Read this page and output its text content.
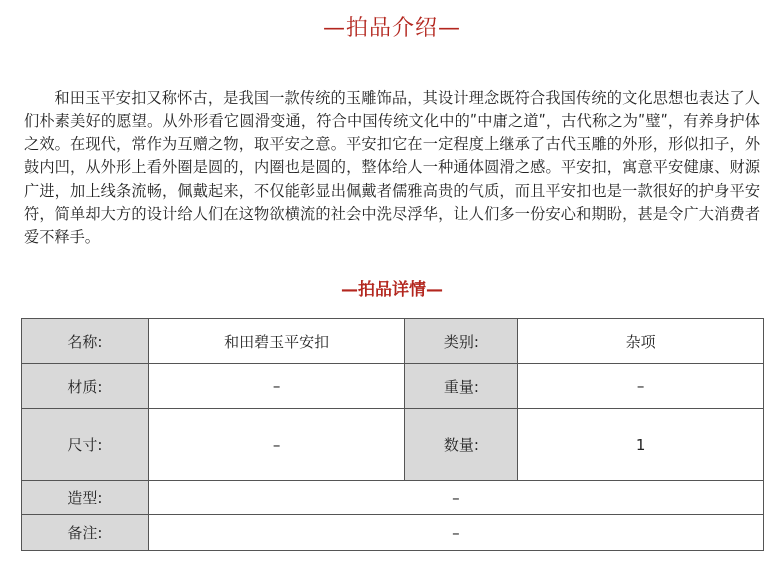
—拍品介绍—

和田玉平安扣又称怀古，是我国一款传统的玉雕饰品，其设计理念既符合我国传统的文化思想也表达了人们朴素美好的愿望。从外形看它圆滑变通，符合中国传统文化中的ʺ中庸之道ʺ，古代称之为ʺ璧ʺ，有养身护体之效。在现代，常作为互赠之物，取平安之意。平安扣它在一定程度上继承了古代玉雕的外形，形似扣子，外鼓内凹，从外形上看外圈是圆的，内圈也是圆的，整体给人一种通体圆滑之感。平安扣，寓意平安健康、财源广进，加上线条流畅，佩戴起来，不仅能彰显出佩戴者儒雅高贵的气质，而且平安扣也是一款很好的护身平安符，简单却大方的设计给人们在这物欲横流的社会中洗尽浮华，让人们多一份安心和期盼，甚是令广大消费者爱不释手。

—拍品详情—
名称:	和田碧玉平安扣	类别:	杂项
材质:	–	重量:	–
尺寸:	–	数量:	1
造型:	–		
备注:	–		
